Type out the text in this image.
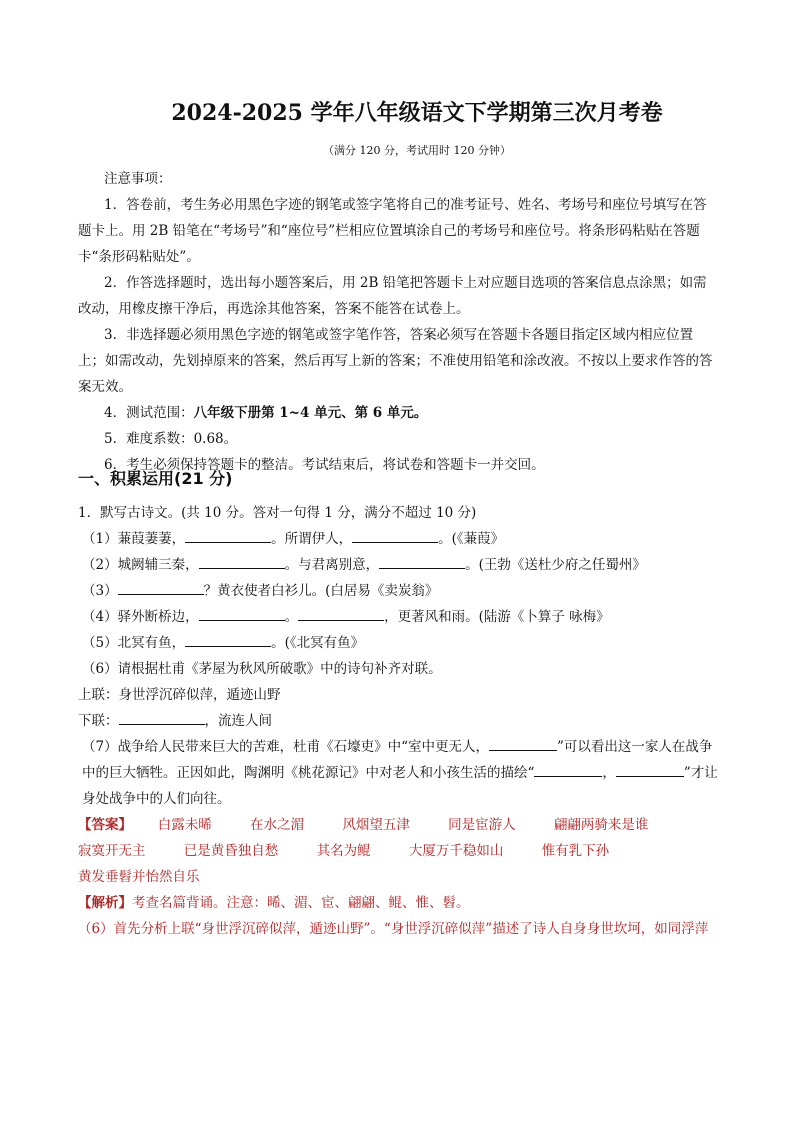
2024-2025 学年八年级语文下学期第三次月考卷
（满分 120 分，考试用时 120 分钟）

注意事项：

1．答卷前，考生务必用黑色字迹的钢笔或签字笔将自己的准考证号、姓名、考场号和座位号填写在答题卡上。用 2B 铅笔在“考场号”和“座位号”栏相应位置填涂自己的考场号和座位号。将条形码粘贴在答题卡“条形码粘贴处”。

2．作答选择题时，选出每小题答案后，用 2B 铅笔把答题卡上对应题目选项的答案信息点涂黑；如需改动，用橡皮擦干净后，再选涂其他答案，答案不能答在试卷上。

3．非选择题必须用黑色字迹的钢笔或签字笔作答，答案必须写在答题卡各题目指定区域内相应位置上；如需改动，先划掉原来的答案，然后再写上新的答案；不准使用铅笔和涂改液。不按以上要求作答的答案无效。

4．测试范围：八年级下册第 1~4 单元、第 6 单元。

5．难度系数：0.68。

6．考生必须保持答题卡的整洁。考试结束后，将试卷和答题卡一并交回。

一、积累运用(21 分)

1．默写古诗文。(共 10 分。答对一句得 1 分，满分不超过 10 分)

（1）蒹葭萋萋，	。所谓伊人，	。(《蒹葭》

（2）城阙辅三秦，	。与君离别意，	。(王勃《送杜少府之任蜀州》

（3）	？黄衣使者白衫儿。(白居易《卖炭翁》

（4）驿外断桥边，	。	，更著风和雨。(陆游《卜算子 咏梅》

（5）北冥有鱼，	。(《北冥有鱼》

（6）请根据杜甫《茅屋为秋风所破歌》中的诗句补齐对联。

上联：身世浮沉碎似萍，遁迹山野

下联：	，流连人间

（7）战争给人民带来巨大的苦难，杜甫《石壕吏》中“室中更无人，	”可以看出这一家人在战争中的巨大牺牲。正因如此，陶渊明《桃花源记》中对老人和小孩生活的描绘“	，	”才让身处战争中的人们向往。

【答案】 白露未晞	在水之湄	风烟望五津	同是宦游人	翩翩两骑来是谁 寂寞开无主	已是黄昏独自愁	其名为鲲	大厦万千稳如山	惟有乳下孙 黄发垂髫并怡然自乐

【解析】考查名篇背诵。注意：晞、湄、宦、翩翩、鲲、惟、髫。

（6）首先分析上联“身世浮沉碎似萍，遁迹山野”。“身世浮沉碎似萍”描述了诗人自身身世坎坷，如同浮萍
